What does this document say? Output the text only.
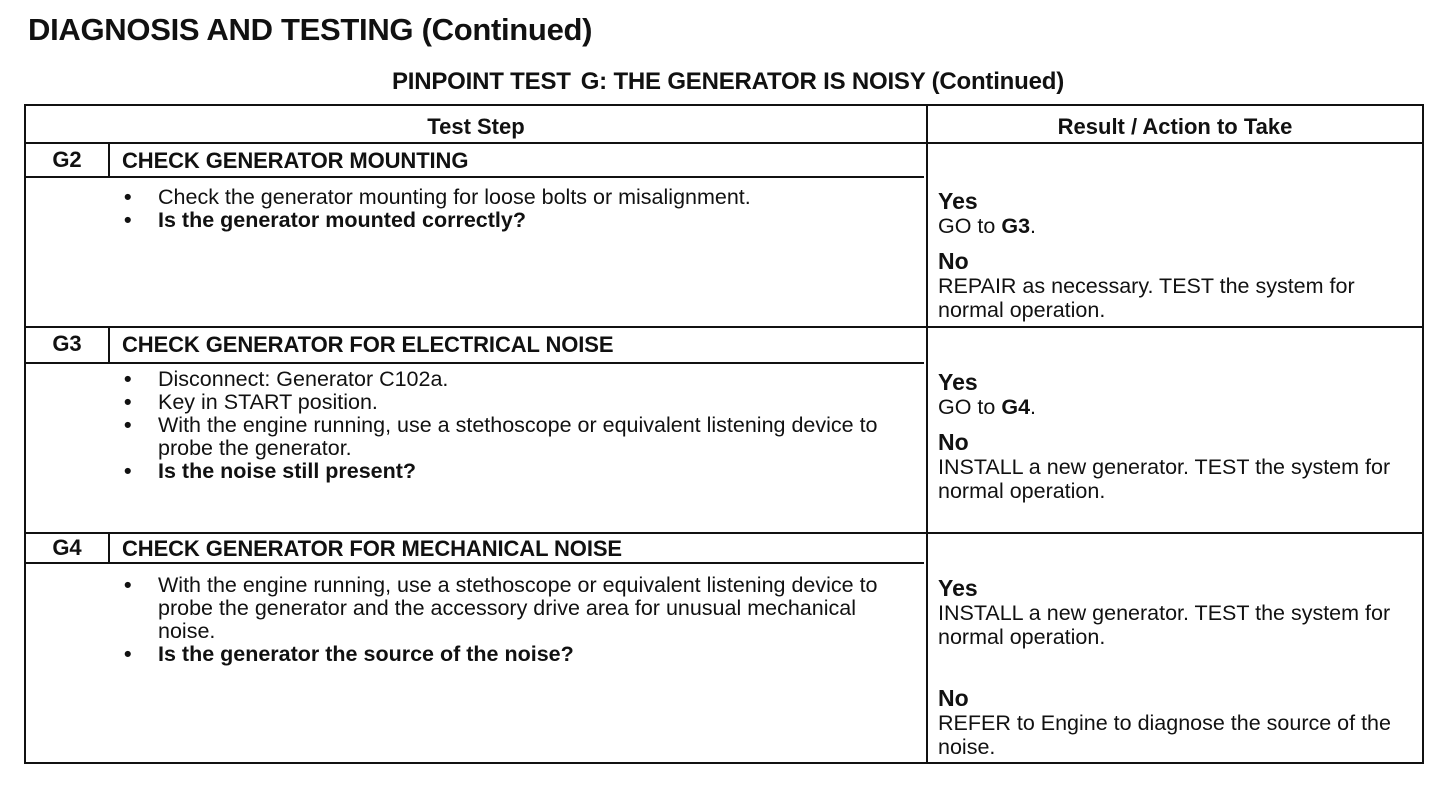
DIAGNOSIS AND TESTING (Continued)
PINPOINT TEST G: THE GENERATOR IS NOISY (Continued)
Test Step	Result / Action to Take
G2	CHECK GENERATOR MOUNTING
• Check the generator mounting for loose bolts or misalignment.
• Is the generator mounted correctly?
Yes
GO to G3.
No
REPAIR as necessary. TEST the system for normal operation.
G3	CHECK GENERATOR FOR ELECTRICAL NOISE
• Disconnect: Generator C102a.
• Key in START position.
• With the engine running, use a stethoscope or equivalent listening device to probe the generator.
• Is the noise still present?
Yes
GO to G4.
No
INSTALL a new generator. TEST the system for normal operation.
G4	CHECK GENERATOR FOR MECHANICAL NOISE
• With the engine running, use a stethoscope or equivalent listening device to probe the generator and the accessory drive area for unusual mechanical noise.
• Is the generator the source of the noise?
Yes
INSTALL a new generator. TEST the system for normal operation.
No
REFER to Engine to diagnose the source of the noise.
